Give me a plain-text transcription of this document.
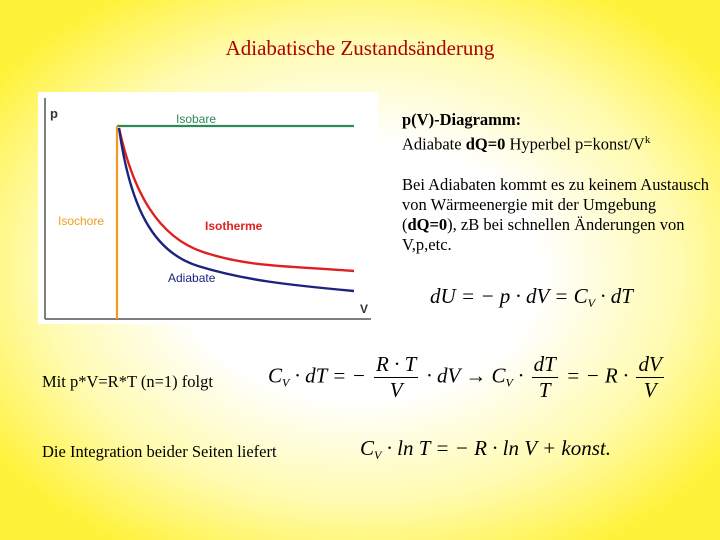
Adiabatische Zustandsänderung
p
V
Isobare
Isochore	Isotherme
Adiabate
p(V)-Diagramm:
Adiabate dQ=0 Hyperbel $p=konst/V^k$
Bei Adiabaten kommt es zu keinem Austausch von Wärmeenergie mit der Umgebung (dQ=0), zB bei schnellen Änderungen von V,p,etc.
dU = − p · dV = $C_V$ · dT
Mit p*V=R*T (n=1) folgt	$C_V$ · dT = − $\frac{R \cdot T}{V}$ · dV → $C_V \cdot \frac{dT}{T}$ = − $R \cdot \frac{dV}{V}$
Die Integration beider Seiten liefert	$C_V \cdot \ln T$ = − R · ln V + konst.
